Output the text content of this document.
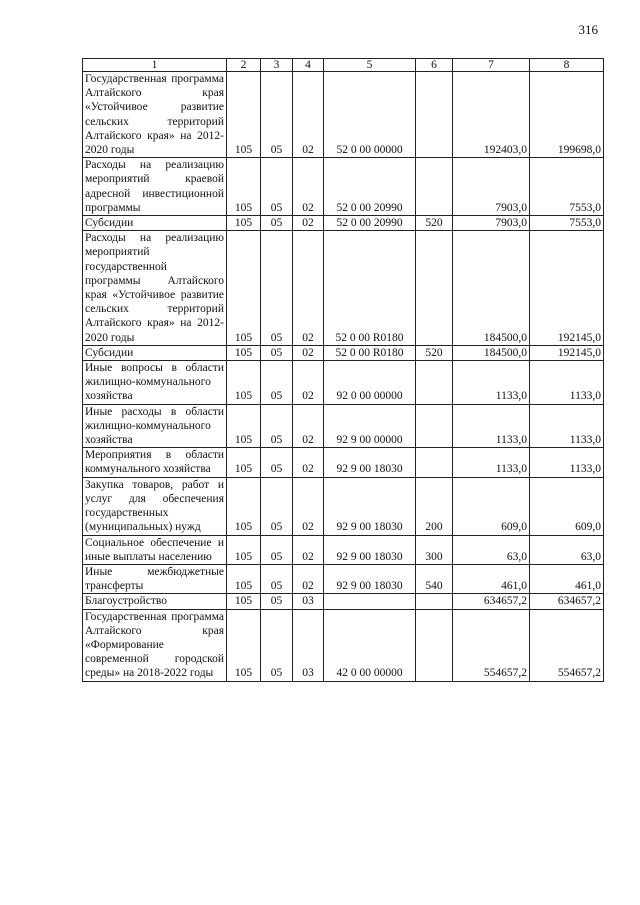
316
1	2	3	4	5	6	7	8
Государственная программа Алтайского края «Устойчивое развитие сельских территорий Алтайского края» на 2012-2020 годы	105	05	02	52 0 00 00000		192403,0	199698,0
Расходы на реализацию мероприятий краевой адресной инвестиционной программы	105	05	02	52 0 00 20990		7903,0	7553,0
Субсидии	105	05	02	52 0 00 20990	520	7903,0	7553,0
Расходы на реализацию мероприятий государственной программы Алтайского края «Устойчивое развитие сельских территорий Алтайского края» на 2012-2020 годы	105	05	02	52 0 00 R0180		184500,0	192145,0
Субсидии	105	05	02	52 0 00 R0180	520	184500,0	192145,0
Иные вопросы в области жилищно-коммунального хозяйства	105	05	02	92 0 00 00000		1133,0	1133,0
Иные расходы в области жилищно-коммунального хозяйства	105	05	02	92 9 00 00000		1133,0	1133,0
Мероприятия в области коммунального хозяйства	105	05	02	92 9 00 18030		1133,0	1133,0
Закупка товаров, работ и услуг для обеспечения государственных (муниципальных) нужд	105	05	02	92 9 00 18030	200	609,0	609,0
Социальное обеспечение и иные выплаты населению	105	05	02	92 9 00 18030	300	63,0	63,0
Иные межбюджетные трансферты	105	05	02	92 9 00 18030	540	461,0	461,0
Благоустройство	105	05	03			634657,2	634657,2
Государственная программа Алтайского края «Формирование современной городской среды» на 2018-2022 годы	105	05	03	42 0 00 00000		554657,2	554657,2
